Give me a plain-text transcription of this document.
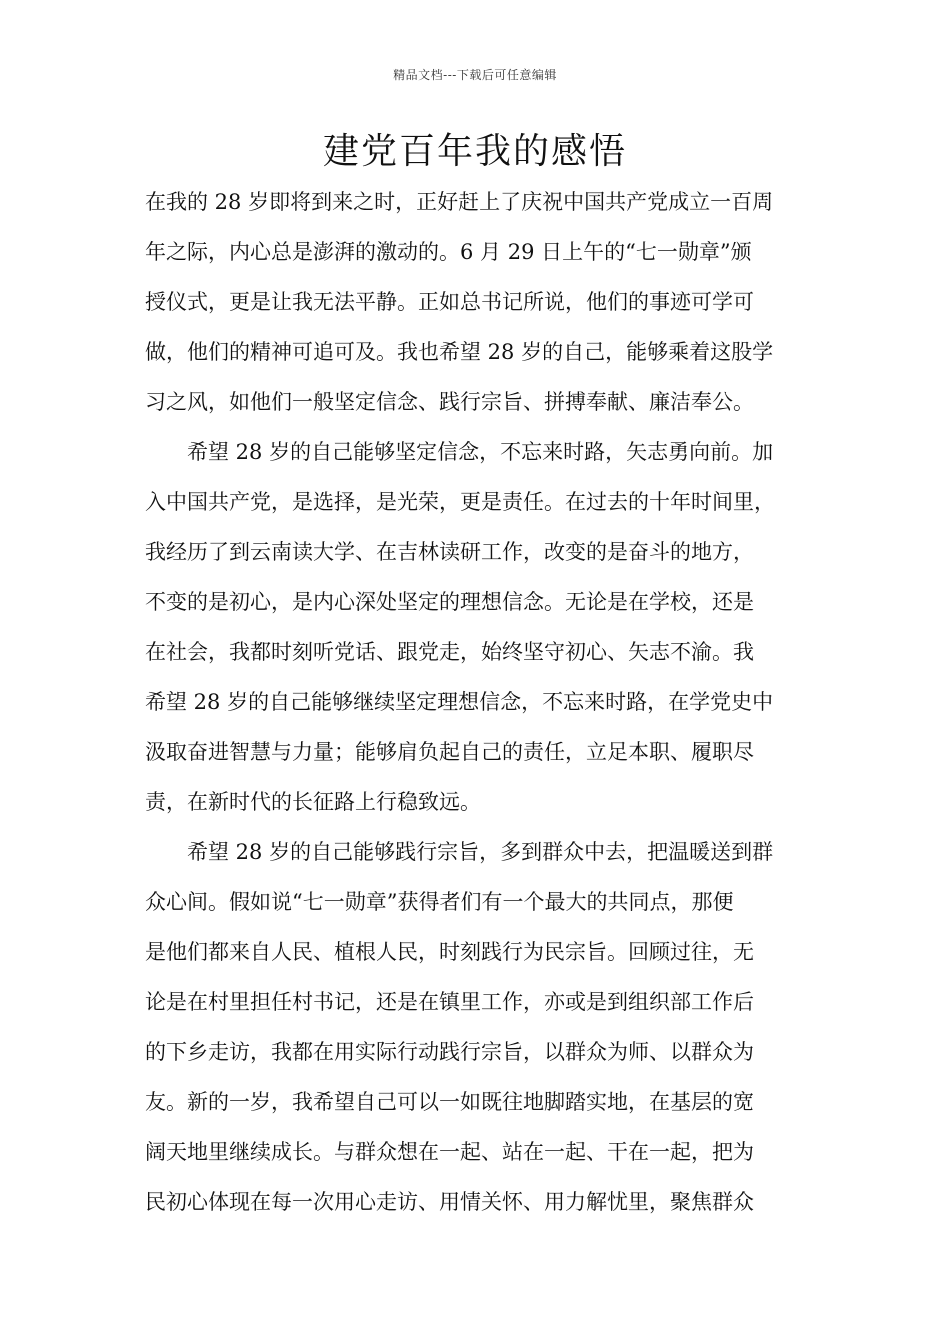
精品文档---下载后可任意编辑
建党百年我的感悟
在我的 28 岁即将到来之时，正好赶上了庆祝中国共产党成立一百周
年之际，内心总是澎湃的激动的。6 月 29 日上午的“七一勋章”颁
授仪式，更是让我无法平静。正如总书记所说，他们的事迹可学可
做，他们的精神可追可及。我也希望 28 岁的自己，能够乘着这股学
习之风，如他们一般坚定信念、践行宗旨、拼搏奉献、廉洁奉公。
希望 28 岁的自己能够坚定信念，不忘来时路，矢志勇向前。加
入中国共产党，是选择，是光荣，更是责任。在过去的十年时间里，
我经历了到云南读大学、在吉林读研工作，改变的是奋斗的地方，
不变的是初心，是内心深处坚定的理想信念。无论是在学校，还是
在社会，我都时刻听党话、跟党走，始终坚守初心、矢志不渝。我
希望 28 岁的自己能够继续坚定理想信念，不忘来时路，在学党史中
汲取奋进智慧与力量；能够肩负起自己的责任，立足本职、履职尽
责，在新时代的长征路上行稳致远。
希望 28 岁的自己能够践行宗旨，多到群众中去，把温暖送到群
众心间。假如说“七一勋章”获得者们有一个最大的共同点，那便
是他们都来自人民、植根人民，时刻践行为民宗旨。回顾过往，无
论是在村里担任村书记，还是在镇里工作，亦或是到组织部工作后
的下乡走访，我都在用实际行动践行宗旨，以群众为师、以群众为
友。新的一岁，我希望自己可以一如既往地脚踏实地，在基层的宽
阔天地里继续成长。与群众想在一起、站在一起、干在一起，把为
民初心体现在每一次用心走访、用情关怀、用力解忧里，聚焦群众
